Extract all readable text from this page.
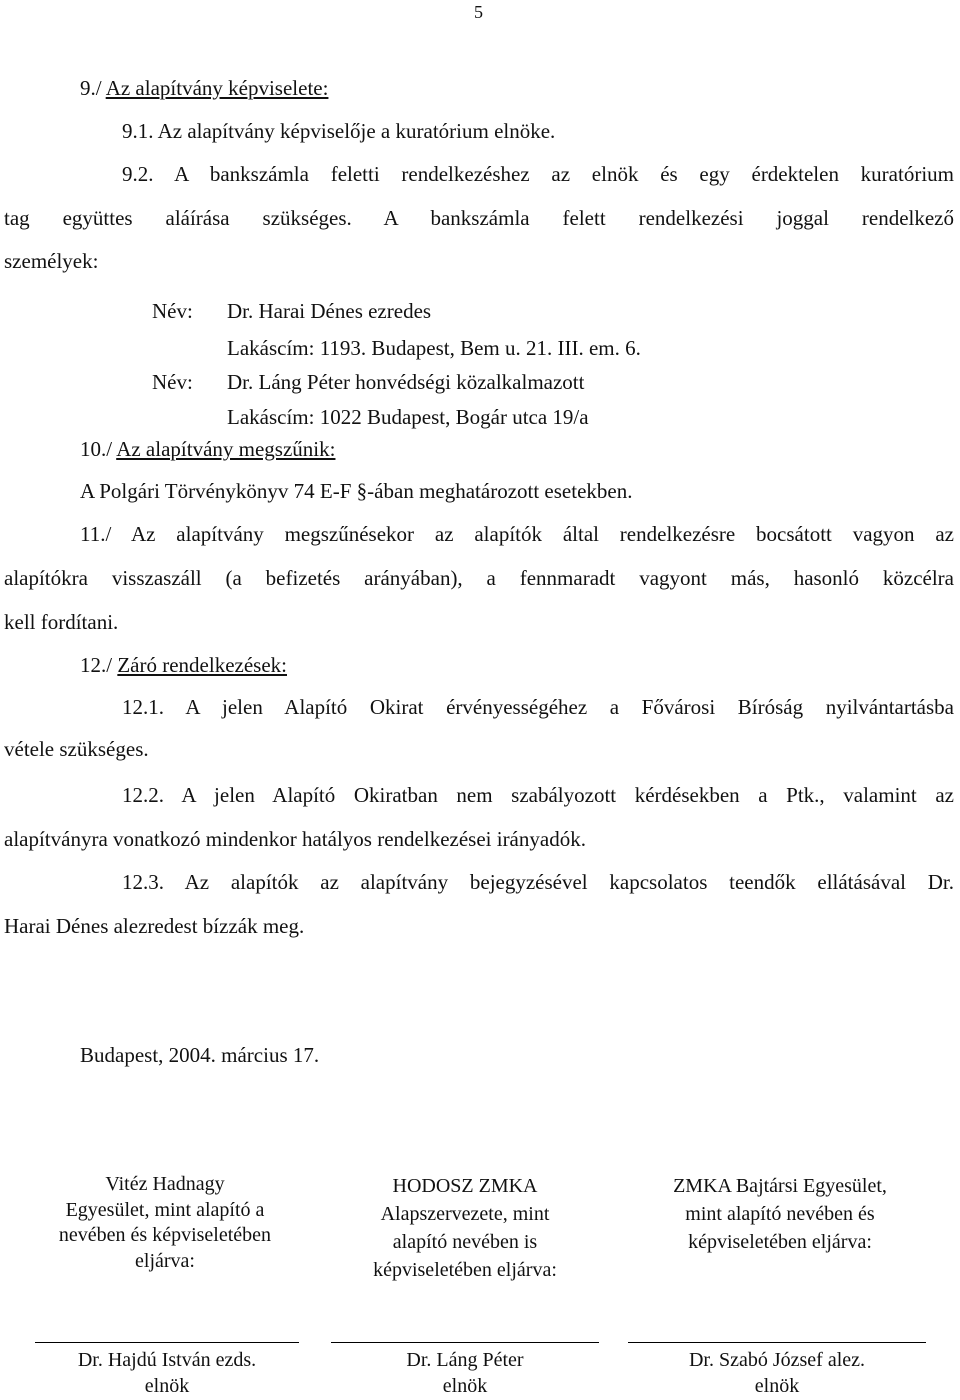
5
9./ Az alapítvány képviselete:
9.1. Az alapítvány képviselője a kuratórium elnöke.
9.2. A bankszámla feletti rendelkezéshez az elnök és egy érdektelen kuratórium
tag együttes aláírása szükséges. A bankszámla felett rendelkezési joggal rendelkező
személyek:
Név: Dr. Harai Dénes ezredes
Lakáscím: 1193. Budapest, Bem u. 21. III. em. 6.
Név: Dr. Láng Péter honvédségi közalkalmazott
Lakáscím: 1022 Budapest, Bogár utca 19/a
10./ Az alapítvány megszűnik:
A Polgári Törvénykönyv 74 E-F §-ában meghatározott esetekben.
11./ Az alapítvány megszűnésekor az alapítók által rendelkezésre bocsátott vagyon az
alapítókra visszaszáll (a befizetés arányában), a fennmaradt vagyont más, hasonló közcélra
kell fordítani.
12./ Záró rendelkezések:
12.1. A jelen Alapító Okirat érvényességéhez a Fővárosi Bíróság nyilvántartásba
vétele szükséges.
12.2. A jelen Alapító Okiratban nem szabályozott kérdésekben a Ptk., valamint az
alapítványra vonatkozó mindenkor hatályos rendelkezései irányadók.
12.3. Az alapítók az alapítvány bejegyzésével kapcsolatos teendők ellátásával Dr.
Harai Dénes alezredest bízzák meg.
Budapest, 2004. március 17.
Vitéz Hadnagy
Egyesület, mint alapító a
nevében és képviseletében
eljárva:
HODOSZ ZMKA
Alapszervezete, mint
alapító nevében is
képviseletében eljárva:
ZMKA Bajtársi Egyesület,
mint alapító nevében és
képviseletében eljárva:
Dr. Hajdú István ezds.
elnök
Dr. Láng Péter
elnök
Dr. Szabó József alez.
elnök
